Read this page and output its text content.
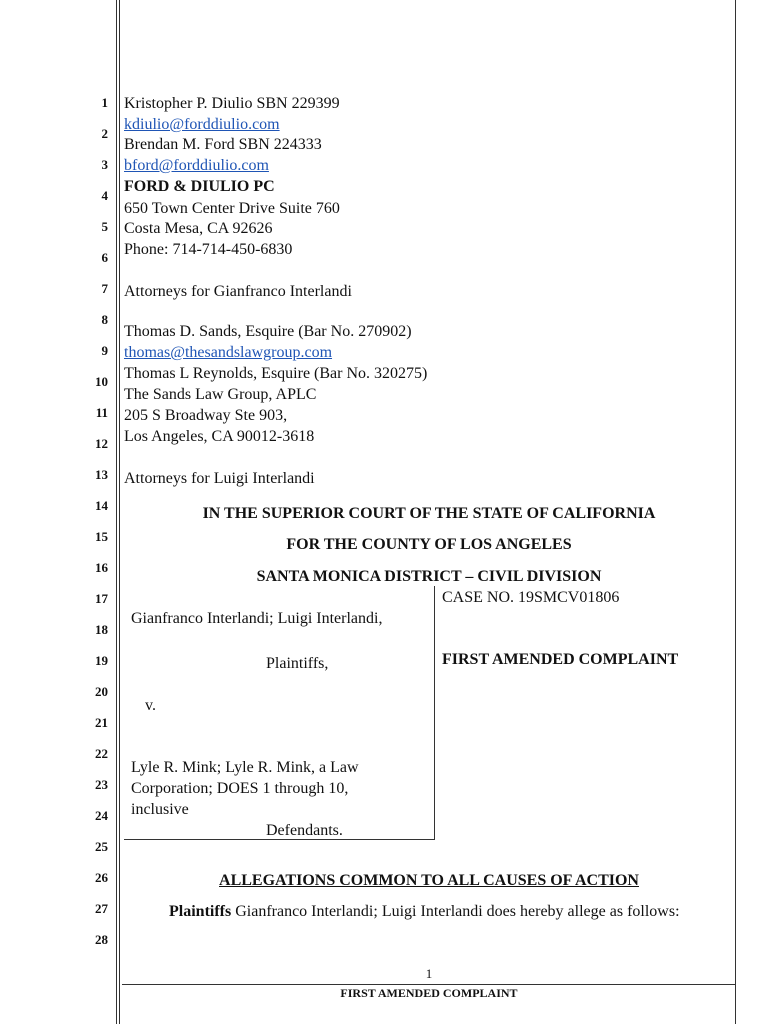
1
2
3
4
5
6
7
8
9
10
11
12
13
14
15
16
17
18
19
20
21
22
23
24
25
26
27
28
Kristopher P. Diulio SBN 229399
kdiulio@forddiulio.com
Brendan M. Ford SBN 224333
bford@forddiulio.com
FORD & DIULIO PC
650 Town Center Drive Suite 760
Costa Mesa, CA 92626
Phone: 714-714-450-6830
Attorneys for Gianfranco Interlandi
Thomas D. Sands, Esquire (Bar No. 270902)
thomas@thesandslawgroup.com
Thomas L Reynolds, Esquire (Bar No. 320275)
The Sands Law Group, APLC
205 S Broadway Ste 903,
Los Angeles, CA 90012-3618
Attorneys for Luigi Interlandi
IN THE SUPERIOR COURT OF THE STATE OF CALIFORNIA
FOR THE COUNTY OF LOS ANGELES
SANTA MONICA DISTRICT – CIVIL DIVISION
Gianfranco Interlandi; Luigi Interlandi,
Plaintiffs,
v.
Lyle R. Mink; Lyle R. Mink, a Law
Corporation; DOES 1 through 10,
inclusive
Defendants.
CASE NO. 19SMCV01806
FIRST AMENDED COMPLAINT
ALLEGATIONS COMMON TO ALL CAUSES OF ACTION
Plaintiffs Gianfranco Interlandi; Luigi Interlandi does hereby allege as follows:
1
FIRST AMENDED COMPLAINT
